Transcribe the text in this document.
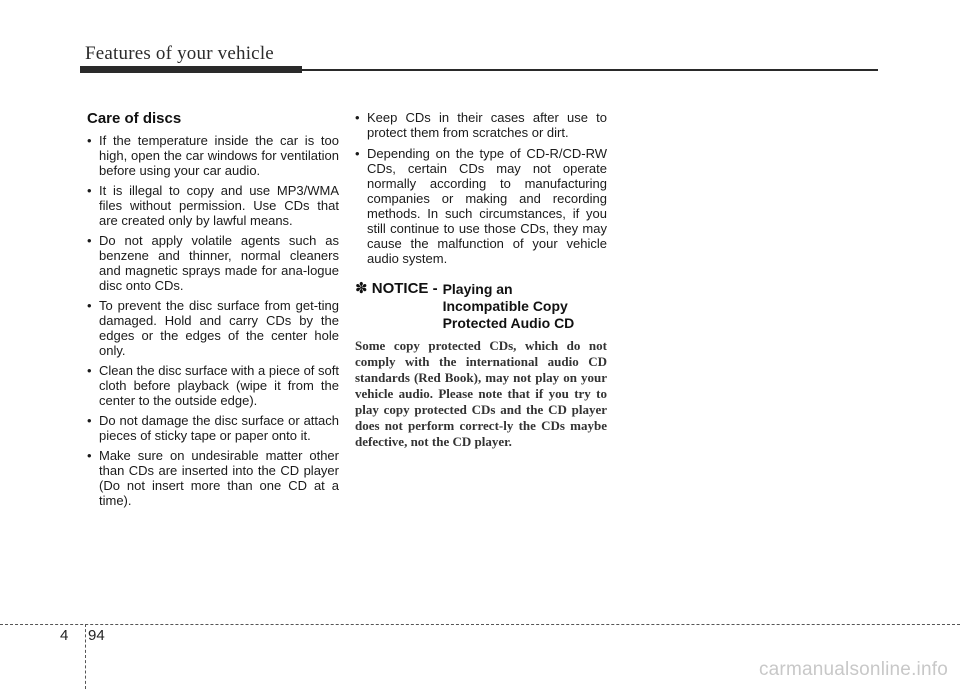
Features of your vehicle
Care of discs
• If the temperature inside the car is too high, open the car windows for ventilation before using your car audio.
• It is illegal to copy and use MP3/WMA files without permission. Use CDs that are created only by lawful means.
• Do not apply volatile agents such as benzene and thinner, normal cleaners and magnetic sprays made for ana-logue disc onto CDs.
• To prevent the disc surface from get-ting damaged. Hold and carry CDs by the edges or the edges of the center hole only.
• Clean the disc surface with a piece of soft cloth before playback (wipe it from the center to the outside edge).
• Do not damage the disc surface or attach pieces of sticky tape or paper onto it.
• Make sure on undesirable matter other than CDs are inserted into the CD player (Do not insert more than one CD at a time).
• Keep CDs in their cases after use to protect them from scratches or dirt.
• Depending on the type of CD-R/CD-RW CDs, certain CDs may not operate normally according to manufacturing companies or making and recording methods. In such circumstances, if you still continue to use those CDs, they may cause the malfunction of your vehicle audio system.
✽ NOTICE - Playing an
Incompatible Copy
Protected Audio CD
Some copy protected CDs, which do not comply with the international audio CD standards (Red Book), may not play on your vehicle audio. Please note that if you try to play copy protected CDs and the CD player does not perform correct-ly the CDs maybe defective, not the CD player.
4 94
carmanualsonline.info
